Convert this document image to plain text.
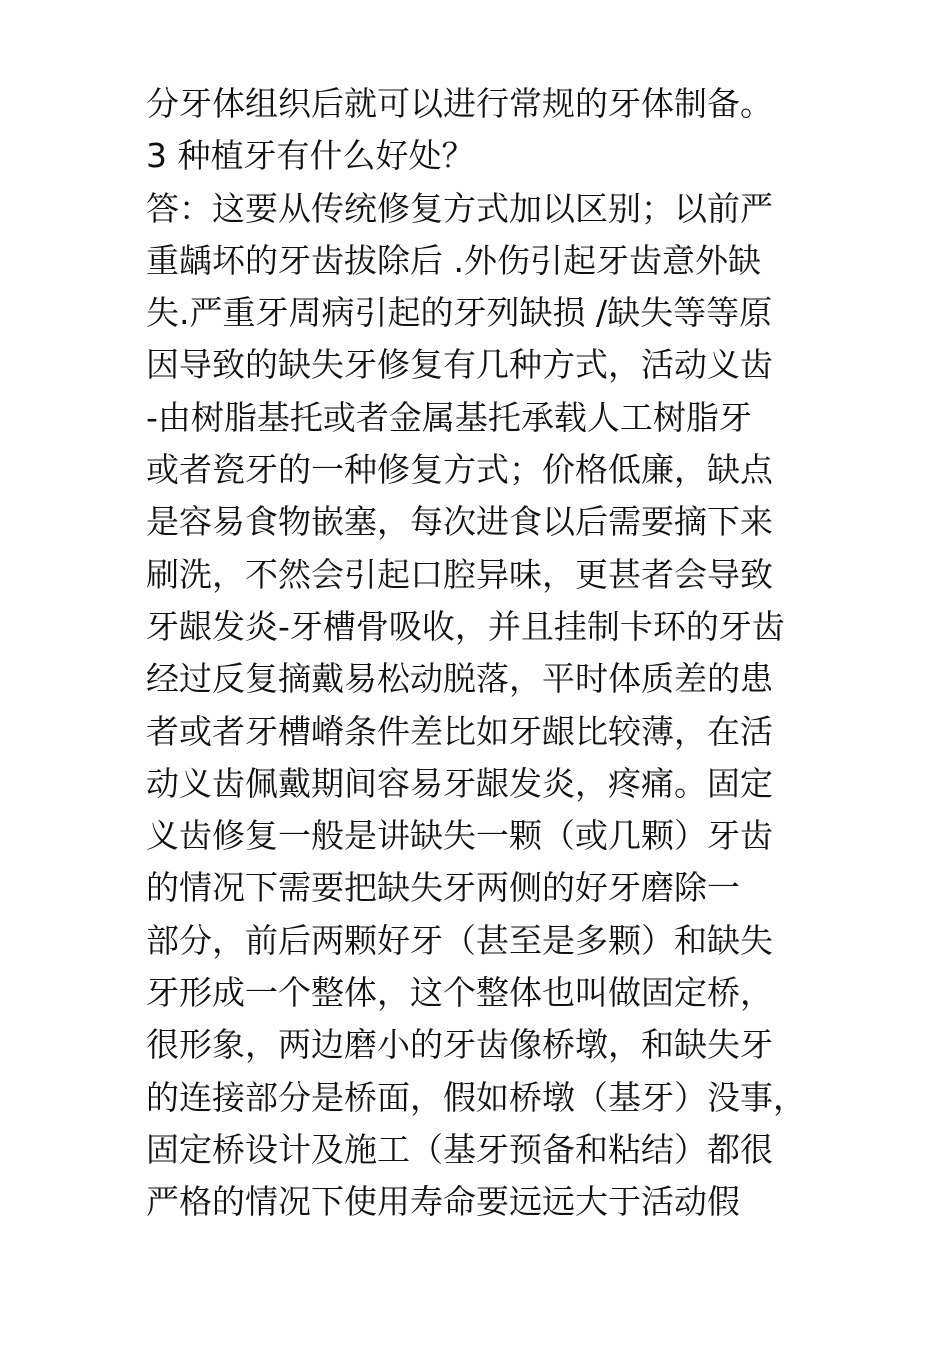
分牙体组织后就可以进行常规的牙体制备。
3 种植牙有什么好处？
答：这要从传统修复方式加以区别；以前严
重龋坏的牙齿拔除后 .外伤引起牙齿意外缺
失.严重牙周病引起的牙列缺损 /缺失等等原
因导致的缺失牙修复有几种方式，活动义齿
-由树脂基托或者金属基托承载人工树脂牙
或者瓷牙的一种修复方式；价格低廉，缺点
是容易食物嵌塞，每次进食以后需要摘下来
刷洗，不然会引起口腔异味，更甚者会导致
牙龈发炎-牙槽骨吸收，并且挂制卡环的牙齿
经过反复摘戴易松动脱落，平时体质差的患
者或者牙槽嵴条件差比如牙龈比较薄，在活
动义齿佩戴期间容易牙龈发炎，疼痛。固定
义齿修复一般是讲缺失一颗（或几颗）牙齿
的情况下需要把缺失牙两侧的好牙磨除一
部分，前后两颗好牙（甚至是多颗）和缺失
牙形成一个整体，这个整体也叫做固定桥，
很形象，两边磨小的牙齿像桥墩，和缺失牙
的连接部分是桥面，假如桥墩（基牙）没事，
固定桥设计及施工（基牙预备和粘结）都很
严格的情况下使用寿命要远远大于活动假
